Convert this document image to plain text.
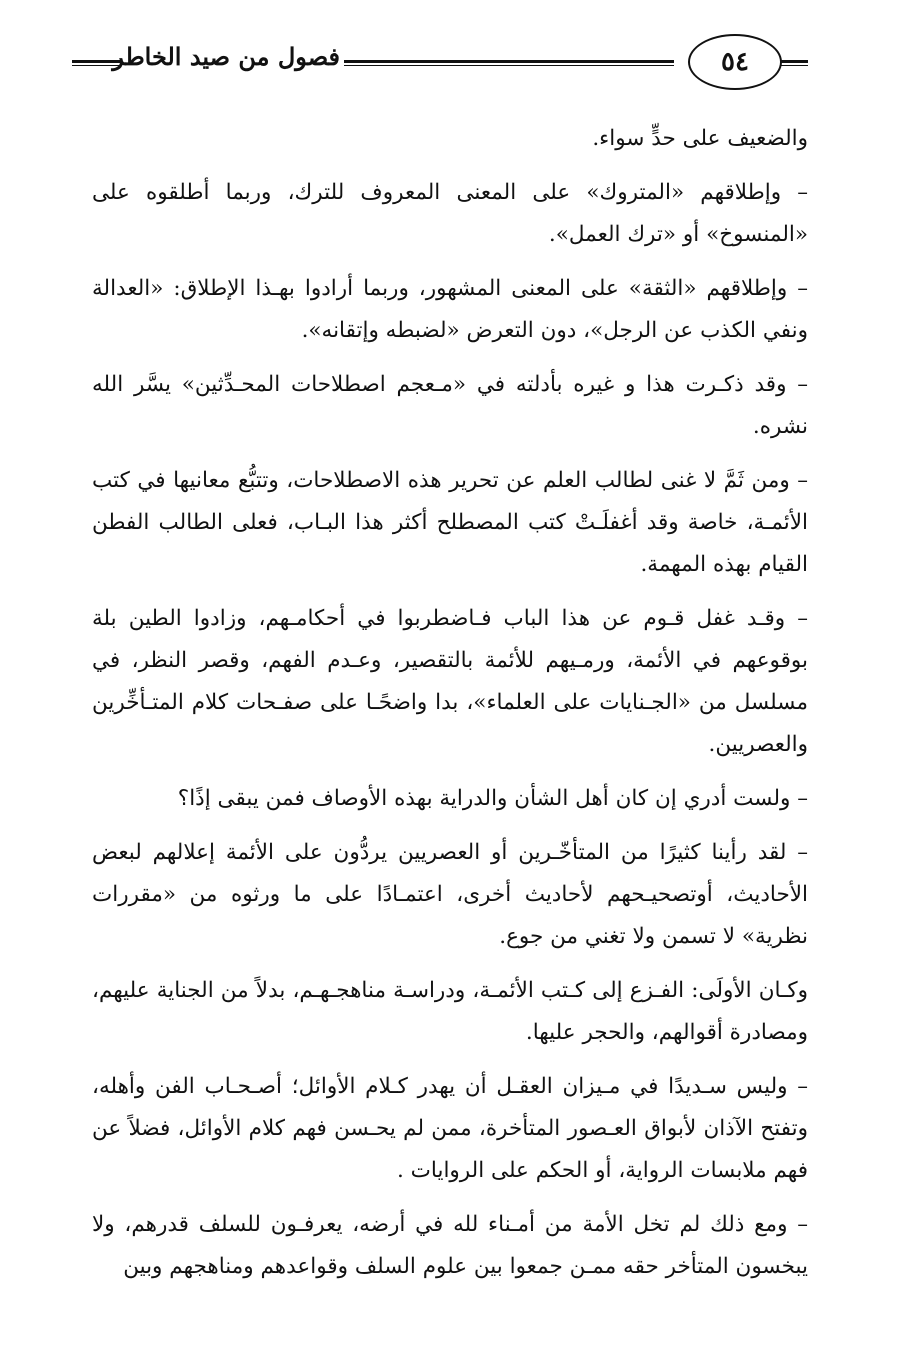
فصول من صيد الخاطر	٥٤

والضعيف على حدٍّ سواء.

– وإطلاقهم «المتروك» على المعنى المعروف للترك، وربما أطلقوه على «المنسوخ» أو «ترك العمل».

– وإطلاقهم «الثقة» على المعنى المشهور، وربما أرادوا بهـذا الإطلاق: «العدالة ونفي الكذب عن الرجل»، دون التعرض «لضبطه وإتقانه».

– وقد ذكـرت هذا و غيره بأدلته في «مـعجم اصطلاحات المحـدِّثين» يسَّر الله نشره.

– ومن ثَمَّ لا غنى لطالب العلم عن تحرير هذه الاصطلاحات، وتتبُّع معانيها في كتب الأئمـة، خاصة وقد أغفلَـتْ كتب المصطلح أكثر هذا البـاب، فعلى الطالب الفطن القيام بهذه المهمة.

– وقـد غفل قـوم عن هذا الباب فـاضطربوا في أحكامـهم، وزادوا الطين بلة بوقوعهم في الأئمة، ورمـيهم للأئمة بالتقصير، وعـدم الفهم، وقصر النظر، في مسلسل من «الجـنايات على العلماء»، بدا واضحًـا على صفـحات كلام المتـأخِّرين والعصريين.

– ولست أدري إن كان أهل الشأن والدراية بهذه الأوصاف فمن يبقى إذًا؟

– لقد رأينا كثيرًا من المتأخّـرين أو العصريين يردُّون على الأئمة إعلالهم لبعض الأحاديث، أوتصحيـحهم لأحاديث أخرى، اعتمـادًا على ما ورثوه من «مقررات نظرية» لا تسمن ولا تغني من جوع.

وكـان الأولَى: الفـزع إلى كـتب الأئمـة، ودراسـة مناهجـهـم، بدلاً من الجناية عليهم، ومصادرة أقوالهم، والحجر عليها.

– وليس سـديدًا في مـيزان العقـل أن يهدر كـلام الأوائل؛ أصـحـاب الفن وأهله، وتفتح الآذان لأبواق العـصور المتأخرة، ممن لم يحـسن فهم كلام الأوائل، فضلاً عن فهم ملابسات الرواية، أو الحكم على الروايات .

– ومع ذلك لم تخل الأمة من أمـناء لله في أرضه، يعرفـون للسلف قدرهم، ولا يبخسون المتأخر حقه ممـن جمعوا بين علوم السلف وقواعدهم ومناهجهم وبين
